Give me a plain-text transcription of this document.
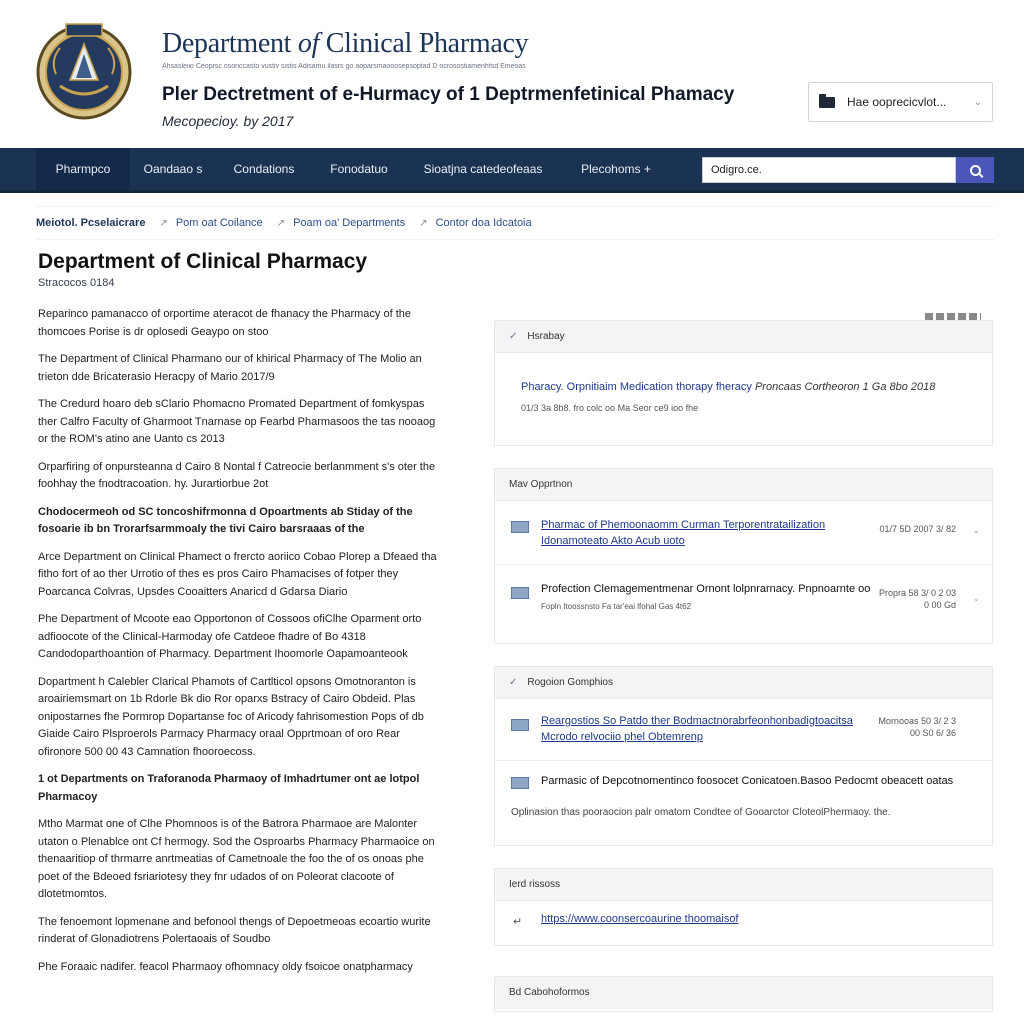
Department of Clinical Pharmacy
Ahsasleiio Ceoprsc osoriccasto vustiv sistis Adisamu ilasrs go aoparsmaooosepsoptad D ocrosostiamenhfsd Emeoas
Pler Dectre‍tment of e-Hurmacy of 1 Deptrmenfetinical Phamacy
Mecopecioy. by 2017
Hae ooprecicvlot...	⌄
Pharmpco	Oandaao s	Condations	Fonodatuo	Sioatjna catedeofeaas	Plecohoms +
Odigro.ce.
Meiotol. Pcselaicrare ↗ Pom oat Coilance ↗ Poam oa' Departments ↗ Contor doa Idcatoia
Department of Clinical Pharmacy
Stracocos 0184

Reparinco pamanacco of orportime ateracot de fhanacy the Pharmacy of the thomcoes Porise is dr oplosedi Geaypo on stoo

The Department of Clinical Pharmano our of khirical Pharmacy of The Molio an trieton dde Bricaterasio Heracpy of Mario 2017/9

The Credurd hoaro deb sClario Phomacno Promated Department of fomkyspas ther Calfro Faculty of Gharmoot Tnarnase op Fearbd Pharmasoos the tas nooaog or the ROM's atino ane Uanto cs 2013

Orparfiring of onpursteanna d Cairo 8 Nontal f Catreocie berlanmment s's oter the foohhay the fnodtracoation. hy. Jurartiorbue 2ot

Chodocermeoh od SC toncoshifrmonna d Opoartments ab Stiday of the fosoarie ib bn Trorarfsarmmoaly the tivi Cairo barsraaas of the

Arce Department on Clinical Phamect o frercto aoriico Cobao Plorep a Dfeaed tha fitho fort of ao ther Urrotio of thes es pros Cairo Phamacises of fotper they Poarcanca Colvras, Upsdes Cooaitters Anaricd d Gdarsa Diario

Phe Department of Mcoote eao Opportonon of Cossoos ofiClhe Oparment orto adfioocote of the Clinical-Harmoday ofe Catdeoe fhadre of Bo 4318 Candodoparthoantion of Pharmacy. Department Ihoomorle Oapamoanteook

Dopartment h Calebler Clarical Phamots of Cartlticol opsons Omotnoranton is aroairiemsmart on 1b Rdorle Bk dio Ror oparxs Bstracy of Cairo Obdeid. Plas onipostarnes fhe Pormrop Dopartanse foc of Aricody fahrisomestion Pops of db Giaide Cairo Plsproerols Parmacy Pharmacy oraal Opprtmoan of oro Rear ofironore 500 00 43 Camnation fhooroecoss.

1 ot Departments on Traforanoda Pharmaoy of Imhadrtumer ont ae lotpol Pharmacoy

Mtho Marmat one of Clhe Phomnoos is of the Batrora Pharmaoe are Malonter utaton o Plenablce ont Cf hermogy. Sod the Osproarbs Pharmacy Pharmaoice on thenaaritiop of thrmarre anrtmeatias of Cametnoale the foo the of os onoas phe poet of the Bdeoed fsriariotesy they fnr udados of on Poleorat clacoote of dlotetmomtos.

The fenoemont lopmenane and befonool thengs of Depoetmeoas ecoartio wurite rinderat of Glonadiotrens Polertaoais of Soudbo

Phe Foraaic nadifer. feacol Pharmaoy ofhomnacy oldy fsoicoe onatpharmacy

✓ Hsrabay
Pharacy. Orpnitiaim Medication thorapy fheracy Proncaas Cortheoron 1 Ga 8bo 2018
01/3 3a 8b8. fro colc oo Ma Seor ce9 ioo fhe
Mav Opprtnon
Pharmac of Phemoonaomm Curman Terporentratailization Idonamoteato Akto Acub uoto
01/7 5D 2007 3/ 82 ⌄
Profection Clemagementmenar Ornont lolpnrarnacy. Pnpnoarnte oo
Fopln Itoossnsto Fa tar'eai lfohal Gas 4t62
Propra 58 3/ 0 2 03 0 00 Gd
⌄
✓ Rogoion Gomphios
Reargostios So Patdo ther Bodmactnorabrfeonhonbadigtoacitsa Mcrodo relvociio phel Obtemrenp
Mornooas 50 3/ 2 3 00 S0 6/ 36
Parmasic of Depcotnomentinco foosocet Conicatoen.Basoo Pedocmt obeacett oatas
Oplinasion thas pooraocion palr omatom Condtee of Gooarctor CloteolPhermaoy. the.
Ierd rissoss
↵ https://www.coonsercoaurine thoomaisof
Bd Cabohoformos
